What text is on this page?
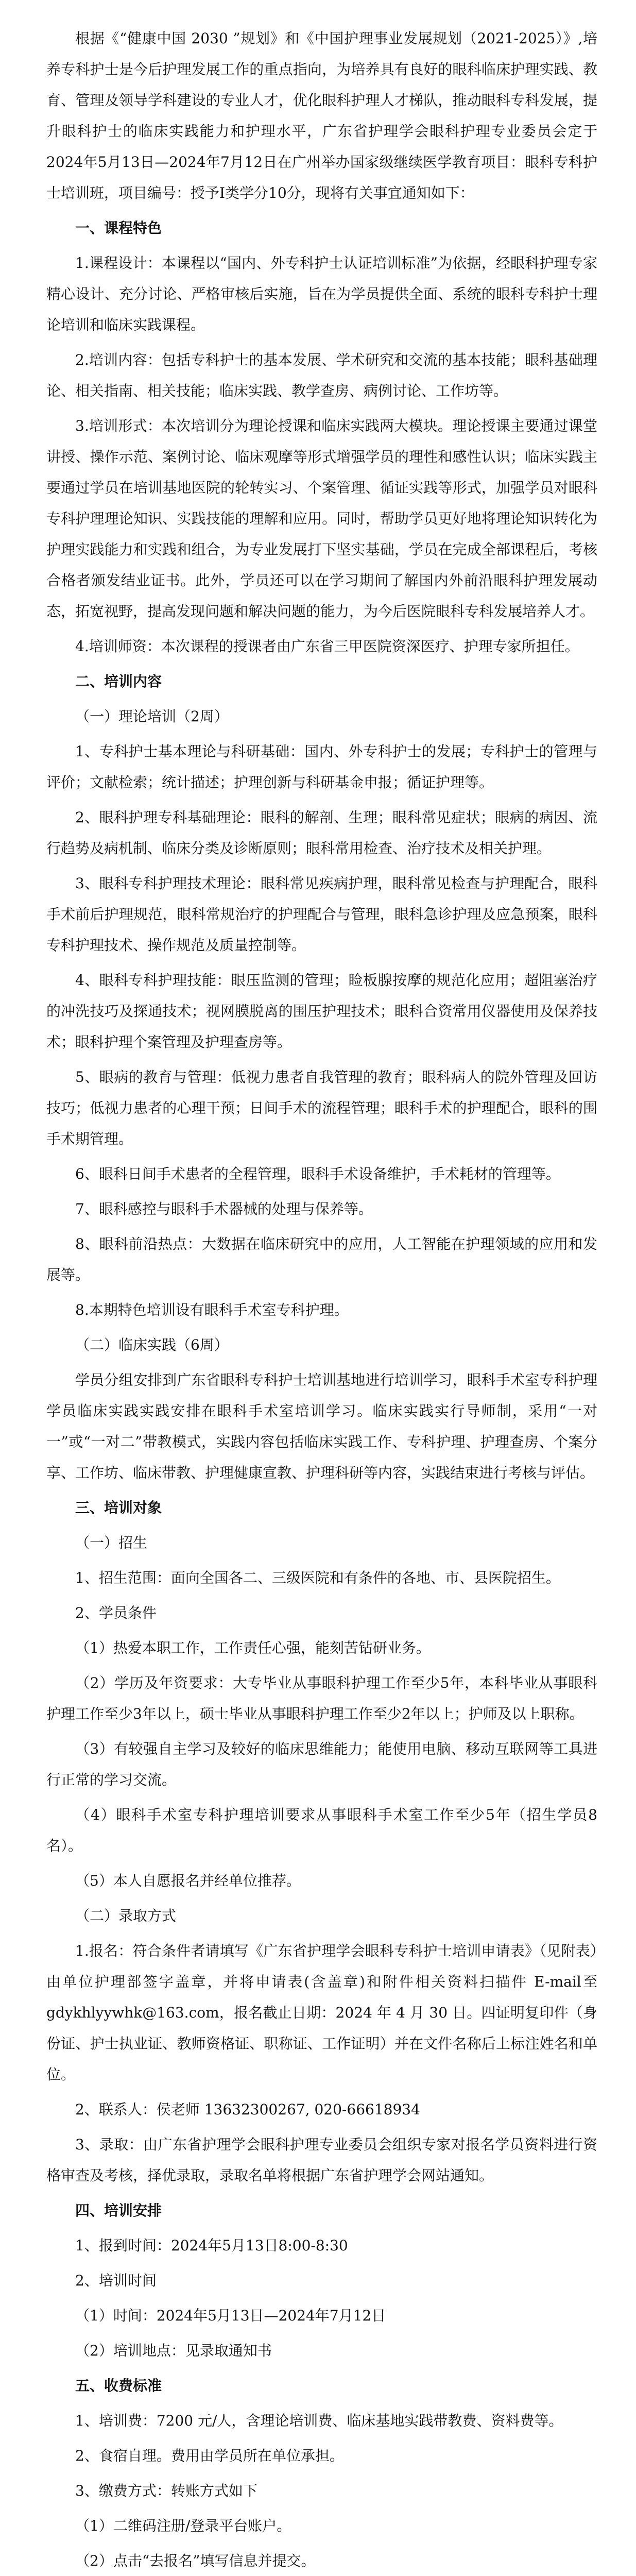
根据《“健康中国 2030 ”规划》和《中国护理事业发展规划（2021-2025）》,培养专科护士是今后护理发展工作的重点指向，为培养具有良好的眼科临床护理实践、教育、管理及领导学科建设的专业人才，优化眼科护理人才梯队，推动眼科专科发展，提升眼科护士的临床实践能力和护理水平，广东省护理学会眼科护理专业委员会定于2024年5月13日—2024年7月12日在广州举办国家级继续医学教育项目：眼科专科护士培训班，项目编号：授予Ⅰ类学分10分，现将有关事宜通知如下：

一、课程特色

1.课程设计：本课程以“国内、外专科护士认证培训标准”为依据，经眼科护理专家精心设计、充分讨论、严格审核后实施，旨在为学员提供全面、系统的眼科专科护士理论培训和临床实践课程。

2.培训内容：包括专科护士的基本发展、学术研究和交流的基本技能；眼科基础理论、相关指南、相关技能；临床实践、教学查房、病例讨论、工作坊等。

3.培训形式：本次培训分为理论授课和临床实践两大模块。理论授课主要通过课堂讲授、操作示范、案例讨论、临床观摩等形式增强学员的理性和感性认识；临床实践主要通过学员在培训基地医院的轮转实习、个案管理、循证实践等形式，加强学员对眼科专科护理理论知识、实践技能的理解和应用。同时，帮助学员更好地将理论知识转化为护理实践能力和实践和组合，为专业发展打下坚实基础，学员在完成全部课程后，考核合格者颁发结业证书。此外，学员还可以在学习期间了解国内外前沿眼科护理发展动态，拓宽视野，提高发现问题和解决问题的能力，为今后医院眼科专科发展培养人才。

4.培训师资：本次课程的授课者由广东省三甲医院资深医疗、护理专家所担任。

二、培训内容

（一）理论培训（2周）

1、专科护士基本理论与科研基础：国内、外专科护士的发展；专科护士的管理与评价；文献检索；统计描述；护理创新与科研基金申报；循证护理等。

2、眼科护理专科基础理论：眼科的解剖、生理；眼科常见症状；眼病的病因、流行趋势及病机制、临床分类及诊断原则；眼科常用检查、治疗技术及相关护理。

3、眼科专科护理技术理论：眼科常见疾病护理，眼科常见检查与护理配合，眼科手术前后护理规范，眼科常规治疗的护理配合与管理，眼科急诊护理及应急预案，眼科专科护理技术、操作规范及质量控制等。

4、眼科专科护理技能：眼压监测的管理；睑板腺按摩的规范化应用；超阻塞治疗的冲洗技巧及探通技术；视网膜脱离的围压护理技术；眼科合资常用仪器使用及保养技术；眼科护理个案管理及护理查房等。

5、眼病的教育与管理：低视力患者自我管理的教育；眼科病人的院外管理及回访技巧；低视力患者的心理干预；日间手术的流程管理；眼科手术的护理配合，眼科的围手术期管理。

6、眼科日间手术患者的全程管理，眼科手术设备维护，手术耗材的管理等。

7、眼科感控与眼科手术器械的处理与保养等。

8、眼科前沿热点：大数据在临床研究中的应用，人工智能在护理领域的应用和发展等。

8.本期特色培训设有眼科手术室专科护理。

（二）临床实践（6周）

学员分组安排到广东省眼科专科护士培训基地进行培训学习，眼科手术室专科护理学员临床实践实践安排在眼科手术室培训学习。临床实践实行导师制，采用“一对一”或“一对二”带教模式，实践内容包括临床实践工作、专科护理、护理查房、个案分享、工作坊、临床带教、护理健康宣教、护理科研等内容，实践结束进行考核与评估。

三、培训对象

（一）招生

1、招生范围：面向全国各二、三级医院和有条件的各地、市、县医院招生。

2、学员条件

（1）热爱本职工作，工作责任心强，能刻苦钻研业务。

（2）学历及年资要求：大专毕业从事眼科护理工作至少5年，本科毕业从事眼科护理工作至少3年以上，硕士毕业从事眼科护理工作至少2年以上；护师及以上职称。

（3）有较强自主学习及较好的临床思维能力；能使用电脑、移动互联网等工具进行正常的学习交流。

（4）眼科手术室专科护理培训要求从事眼科手术室工作至少5年（招生学员8名）。

（5）本人自愿报名并经单位推荐。

（二）录取方式

1.报名：符合条件者请填写《广东省护理学会眼科专科护士培训申请表》（见附表）由单位护理部签字盖章，并将申请表(含盖章)和附件相关资料扫描件 E-mail至gdykhlyywhk@163.com，报名截止日期：2024 年 4 月 30 日。四证明复印件（身份证、护士执业证、教师资格证、职称证、工作证明）并在文件名称后上标注姓名和单位。

2、联系人：侯老师 13632300267, 020-66618934

3、录取：由广东省护理学会眼科护理专业委员会组织专家对报名学员资料进行资格审查及考核，择优录取，录取名单将根据广东省护理学会网站通知。

四、培训安排

1、报到时间：2024年5月13日8:00-8:30

2、培训时间

（1）时间：2024年5月13日—2024年7月12日

（2）培训地点：见录取通知书

五、收费标准

1、培训费：7200 元/人，含理论培训费、临床基地实践带教费、资料费等。

2、食宿自理。费用由学员所在单位承担。

3、缴费方式：转账方式如下

（1）二维码注册/登录平台账户。

（2）点击“去报名”填写信息并提交。
